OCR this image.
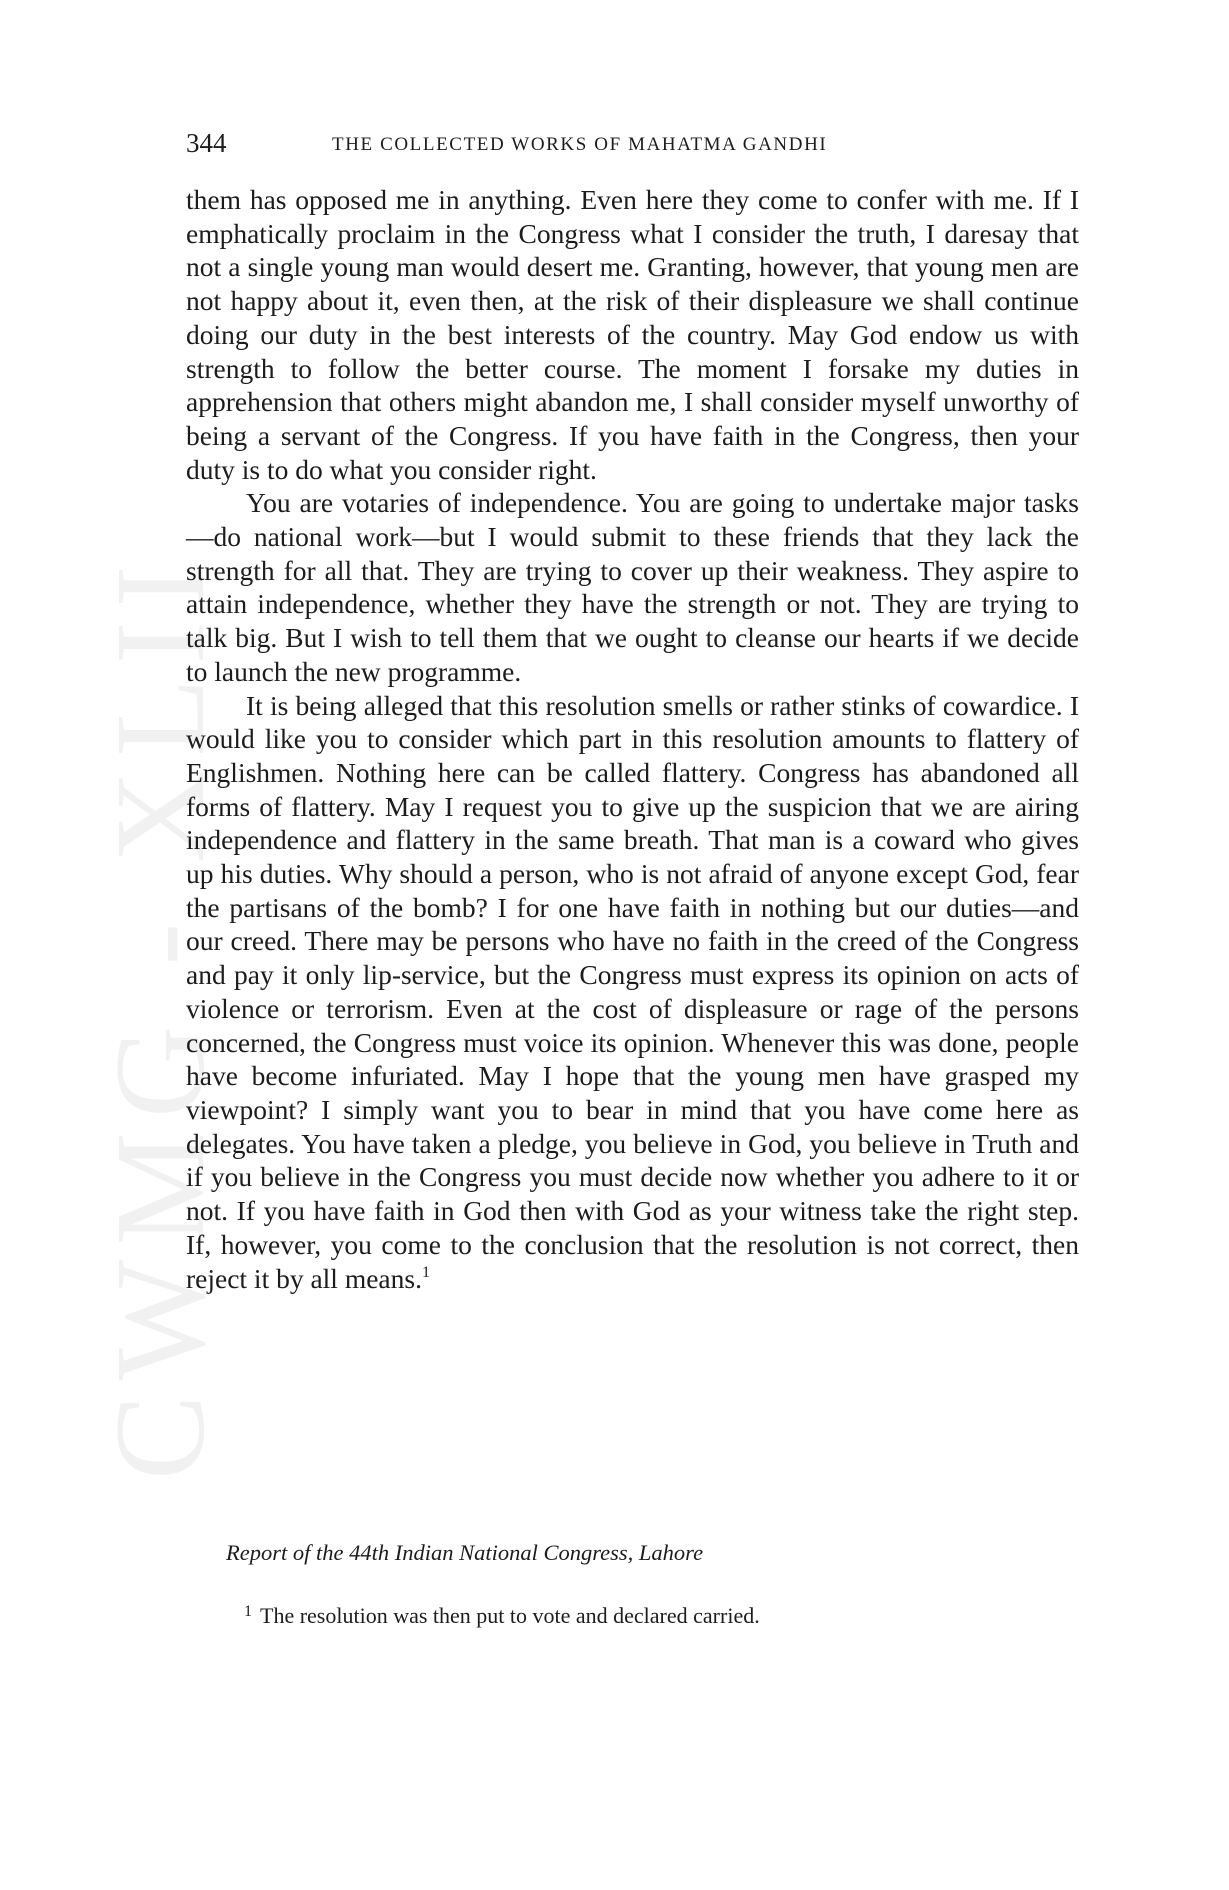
CWMG - XLII
344	THE COLLECTED WORKS OF MAHATMA GANDHI

them has opposed me in anything. Even here they come to confer with me. If I emphatically proclaim in the Congress what I consider the truth, I daresay that not a single young man would desert me. Granting, however, that young men are not happy about it, even then, at the risk of their displeasure we shall continue doing our duty in the best interests of the country. May God endow us with strength to follow the better course. The moment I forsake my duties in apprehension that others might abandon me, I shall consider myself unworthy of being a servant of the Congress. If you have faith in the Congress, then your duty is to do what you consider right.

You are votaries of independence. You are going to undertake major tasks—do national work—but I would submit to these friends that they lack the strength for all that. They are trying to cover up their weakness. They aspire to attain independence, whether they have the strength or not. They are trying to talk big. But I wish to tell them that we ought to cleanse our hearts if we decide to launch the new programme.

It is being alleged that this resolution smells or rather stinks of cowardice. I would like you to consider which part in this resolution amounts to flattery of Englishmen. Nothing here can be called flattery. Congress has abandoned all forms of flattery. May I request you to give up the suspicion that we are airing independence and flattery in the same breath. That man is a coward who gives up his duties. Why should a person, who is not afraid of anyone except God, fear the partisans of the bomb? I for one have faith in nothing but our duties—and our creed. There may be persons who have no faith in the creed of the Congress and pay it only lip-service, but the Congress must express its opinion on acts of violence or terrorism. Even at the cost of displeasure or rage of the persons concerned, the Congress must voice its opinion. Whenever this was done, people have become infuriated. May I hope that the young men have grasped my viewpoint? I simply want you to bear in mind that you have come here as delegates. You have taken a pledge, you believe in God, you believe in Truth and if you believe in the Congress you must decide now whether you adhere to it or not. If you have faith in God then with God as your witness take the right step. If, however, you come to the conclusion that the resolution is not correct, then reject it by all means.$^1$

Report of the 44th Indian National Congress, Lahore
$^1$ The resolution was then put to vote and declared carried.
